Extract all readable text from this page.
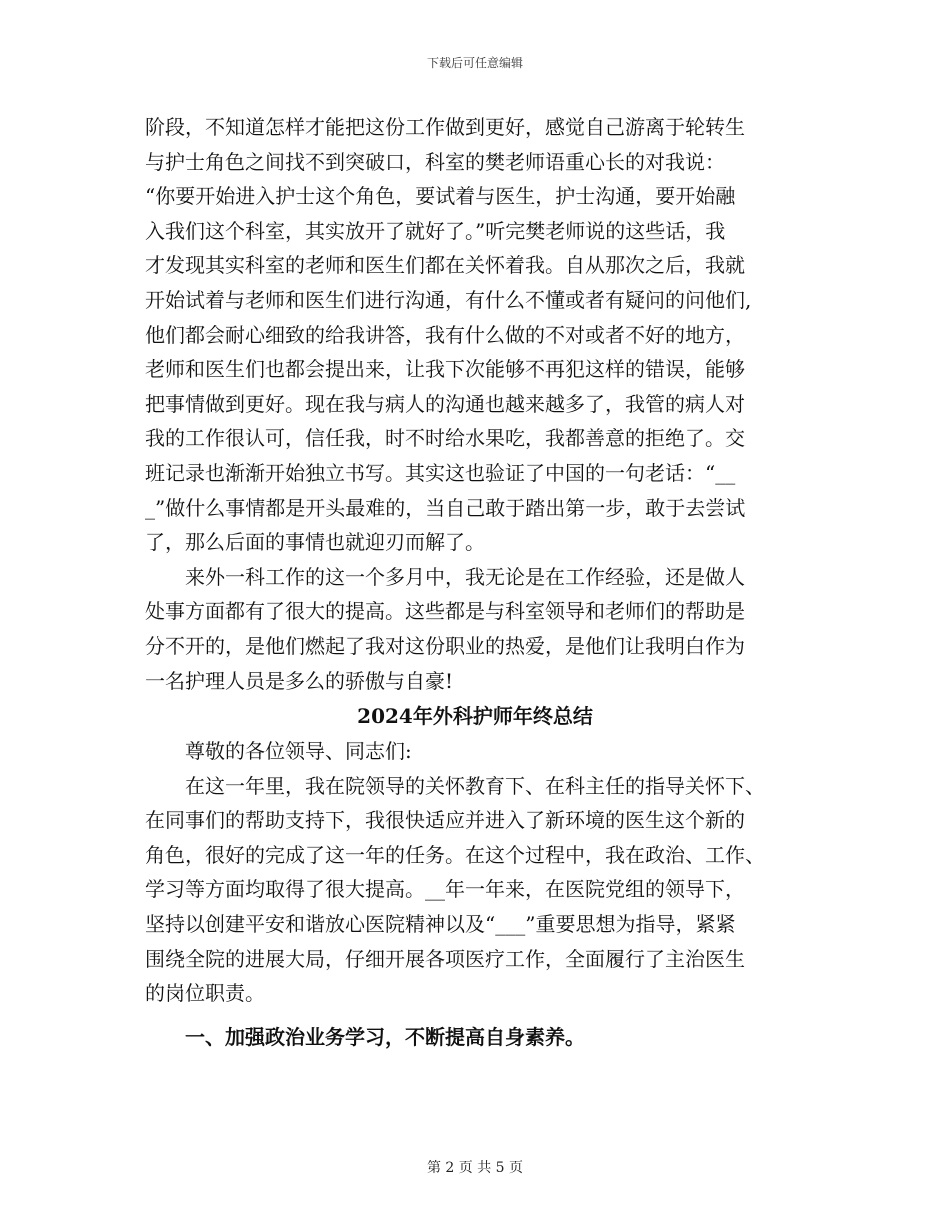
下载后可任意编辑
阶段，不知道怎样才能把这份工作做到更好，感觉自己游离于轮转生
与护士角色之间找不到突破口，科室的樊老师语重心长的对我说：
“你要开始进入护士这个角色，要试着与医生，护士沟通，要开始融
入我们这个科室，其实放开了就好了。”听完樊老师说的这些话，我
才发现其实科室的老师和医生们都在关怀着我。自从那次之后，我就
开始试着与老师和医生们进行沟通，有什么不懂或者有疑问的问他们,
他们都会耐心细致的给我讲答，我有什么做的不对或者不好的地方，
老师和医生们也都会提出来，让我下次能够不再犯这样的错误，能够
把事情做到更好。现在我与病人的沟通也越来越多了，我管的病人对
我的工作很认可，信任我，时不时给水果吃，我都善意的拒绝了。交
班记录也渐渐开始独立书写。其实这也验证了中国的一句老话：“__
_”做什么事情都是开头最难的，当自己敢于踏出第一步，敢于去尝试
了，那么后面的事情也就迎刃而解了。
来外一科工作的这一个多月中，我无论是在工作经验，还是做人
处事方面都有了很大的提高。这些都是与科室领导和老师们的帮助是
分不开的，是他们燃起了我对这份职业的热爱，是他们让我明白作为
一名护理人员是多么的骄傲与自豪!
2024年外科护师年终总结
尊敬的各位领导、同志们:
在这一年里，我在院领导的关怀教育下、在科主任的指导关怀下、
在同事们的帮助支持下，我很快适应并进入了新环境的医生这个新的
角色，很好的完成了这一年的任务。在这个过程中，我在政治、工作、
学习等方面均取得了很大提高。__年一年来，在医院党组的领导下，
坚持以创建平安和谐放心医院精神以及“___”重要思想为指导，紧紧
围绕全院的进展大局，仔细开展各项医疗工作，全面履行了主治医生
的岗位职责。
一、加强政治业务学习，不断提高自身素养。
第 2 页 共 5 页
